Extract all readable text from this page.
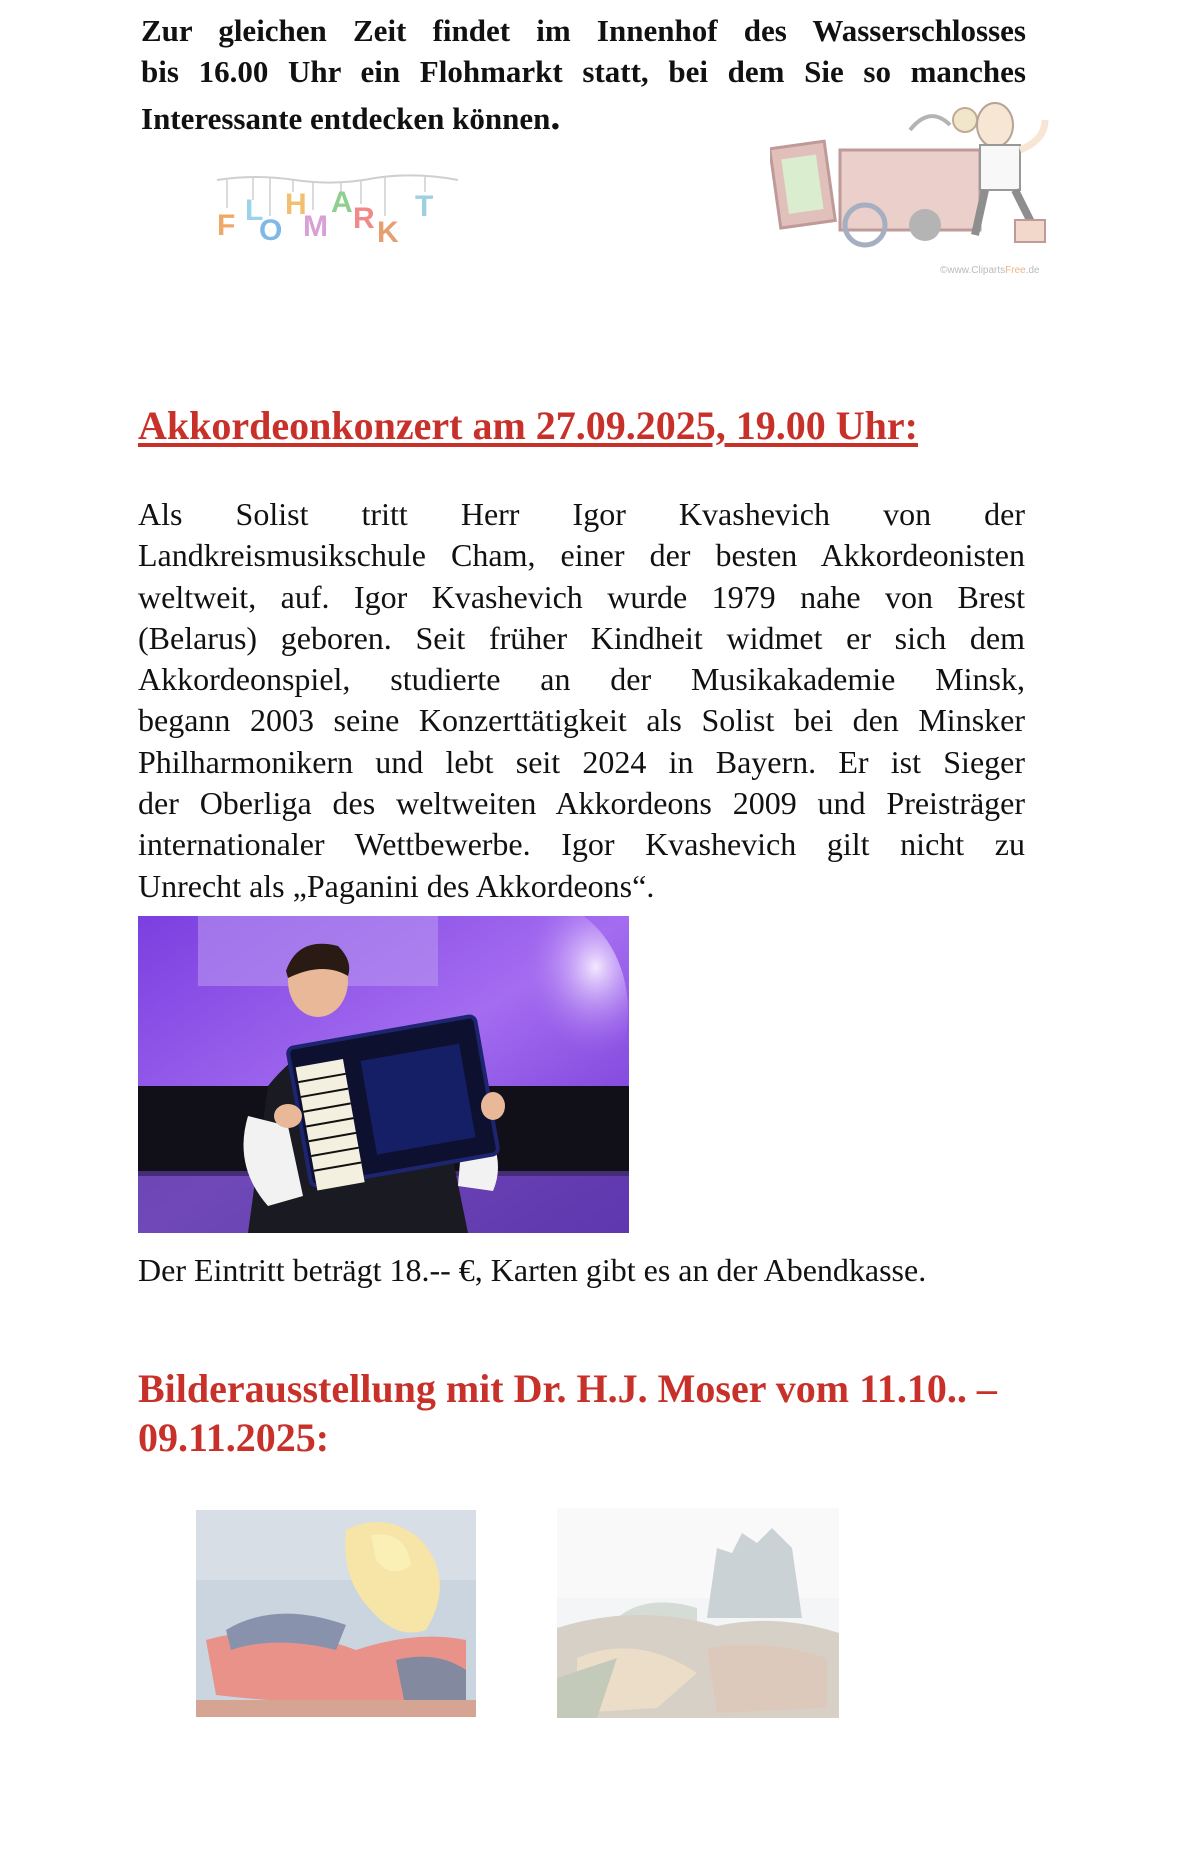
Zur gleichen Zeit findet im Innenhof des Wasserschlosses
bis 16.00 Uhr ein Flohmarkt statt, bei dem Sie so manches
Interessante entdecken können.
F L
O
H
M
A R K
T
©www.ClipartsFree.de
Akkordeonkonzert am 27.09.2025, 19.00 Uhr:
Als Solist tritt Herr Igor Kvashevich von der
Landkreismusikschule Cham, einer der besten Akkordeonisten
weltweit, auf. Igor Kvashevich wurde 1979 nahe von Brest
(Belarus) geboren. Seit früher Kindheit widmet er sich dem
Akkordeonspiel, studierte an der Musikakademie Minsk,
begann 2003 seine Konzerttätigkeit als Solist bei den Minsker
Philharmonikern und lebt seit 2024 in Bayern. Er ist Sieger
der Oberliga des weltweiten Akkordeons 2009 und Preisträger
internationaler Wettbewerbe. Igor Kvashevich gilt nicht zu
Unrecht als „Paganini des Akkordeons“.
Der Eintritt beträgt 18.-- €, Karten gibt es an der Abendkasse.
Bilderausstellung mit Dr. H.J. Moser vom 11.10.. –
09.11.2025:
